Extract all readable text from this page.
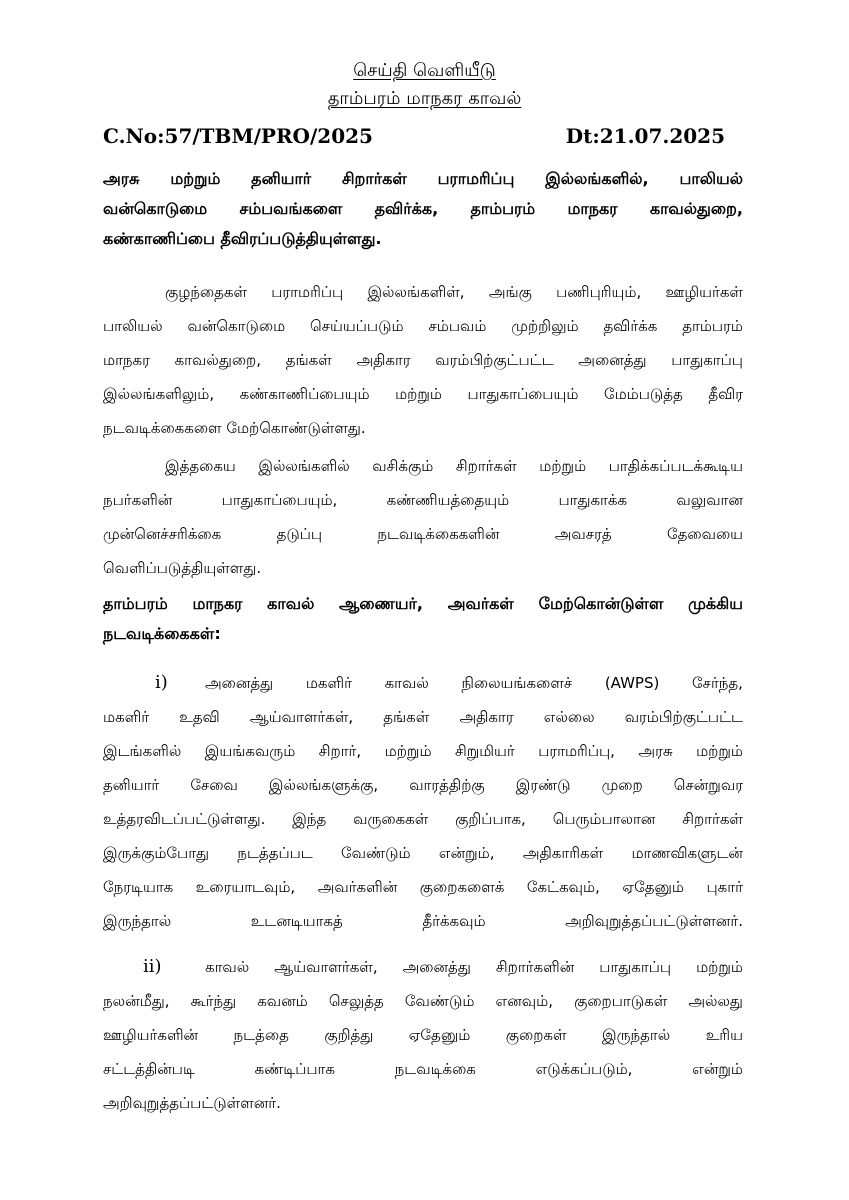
செய்தி வெளியீடு
தாம்பரம் மாநகர காவல்
C.No:57/TBM/PRO/2025	Dt:21.07.2025
அரசு மற்றும் தனியார் சிறார்கள் பராமரிப்பு இல்லங்களில், பாலியல்
வன்கொடுமை சம்பவங்களை தவிர்க்க, தாம்பரம் மாநகர காவல்துறை,
கண்காணிப்பை தீவிரப்படுத்தியுள்ளது.
குழந்தைகள் பராமரிப்பு இல்லங்களிள், அங்கு பணிபுரியும், ஊழியர்கள்
பாலியல் வன்கொடுமை செய்யப்படும் சம்பவம் முற்றிலும் தவிர்க்க தாம்பரம்
மாநகர காவல்துறை, தங்கள் அதிகார வரம்பிற்குட்பட்ட அனைத்து பாதுகாப்பு
இல்லங்களிலும், கண்காணிப்பையும் மற்றும் பாதுகாப்பையும் மேம்படுத்த தீவிர
நடவடிக்கைகளை மேற்கொண்டுள்ளது.
இத்தகைய இல்லங்களில் வசிக்கும் சிறார்கள் மற்றும் பாதிக்கப்படக்கூடிய
நபர்களின்	பாதுகாப்பையும்,	கண்ணியத்தையும்	பாதுகாக்க	வலுவான
முன்னெச்சரிக்கை	தடுப்பு	நடவடிக்கைகளின்	அவசரத்	தேவையை
வெளிப்படுத்தியுள்ளது.
தாம்பரம் மாநகர காவல் ஆணையர், அவர்கள் மேற்கொன்டுள்ள முக்கிய
நடவடிக்கைகள்:
i) அனைத்து மகளிர் காவல் நிலையங்களைச் (AWPS) சேர்ந்த,
மகளிர் உதவி ஆய்வாளர்கள், தங்கள் அதிகார எல்லை வரம்பிற்குட்பட்ட
இடங்களில் இயங்கவரும் சிறார், மற்றும் சிறுமியர் பராமரிப்பு, அரசு மற்றும்
தனியார் சேவை இல்லங்களுக்கு, வாரத்திற்கு இரண்டு முறை சென்றுவர
உத்தரவிடப்பட்டுள்ளது. இந்த வருகைகள் குறிப்பாக, பெரும்பாலான சிறார்கள்
இருக்கும்போது நடத்தப்பட வேண்டும் என்றும், அதிகாரிகள் மாணவிகளுடன்
நேரடியாக உரையாடவும், அவர்களின் குறைகளைக் கேட்கவும், ஏதேனும் புகார்
இருந்தால்	உடனடியாகத்	தீர்க்கவும்	அறிவுறுத்தப்பட்டுள்ளனர்.
ii)	காவல் ஆய்வாளர்கள், அனைத்து சிறார்களின் பாதுகாப்பு மற்றும்
நலன்மீது, கூர்ந்து கவனம் செலுத்த வேண்டும் எனவும், குறைபாடுகள் அல்லது
ஊழியர்களின் நடத்தை குறித்து ஏதேனும் குறைகள் இருந்தால் உரிய
சட்டத்தின்படி	கண்டிப்பாக	நடவடிக்கை	எடுக்கப்படும்,	என்றும்
அறிவுறுத்தப்பட்டுள்ளனர்.
